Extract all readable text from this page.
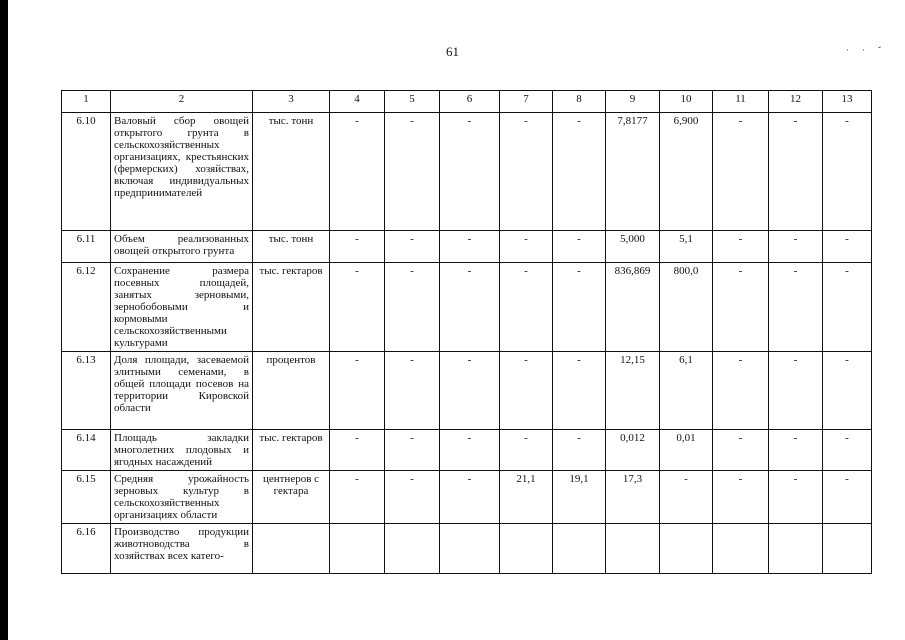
61	· · ˇ
1	2	3	4	5	6	7	8	9	10	11	12	13
6.10	Валовый сбор овощей открытого грунта в сельскохозяйственных организациях, крестьянских (фермерских) хозяйствах, включая индивидуальных предпринимателей	тыс. тонн	-	-	-	-	-	7,8177	6,900	-	-	-
6.11	Объем реализованных овощей открытого грунта	тыс. тонн	-	-	-	-	-	5,000	5,1	-	-	-
6.12	Сохранение размера посевных площадей, занятых зерновыми, зернобобовыми и кормовыми сельскохозяйственными культурами	тыс. гектаров	-	-	-	-	-	836,869	800,0	-	-	-
6.13	Доля площади, засеваемой элитными семенами, в общей площади посевов на территории Кировской области	процентов	-	-	-	-	-	12,15	6,1	-	-	-
6.14	Площадь закладки многолетних плодовых и ягодных насаждений	тыс. гектаров	-	-	-	-	-	0,012	0,01	-	-	-
6.15	Средняя урожайность зерновых культур в сельскохозяйственных организациях области	центнеров с гектара	-	-	-	21,1	19,1	17,3	-	-	-	-
6.16	Производство продукции животноводства в хозяйствах всех катего-											
